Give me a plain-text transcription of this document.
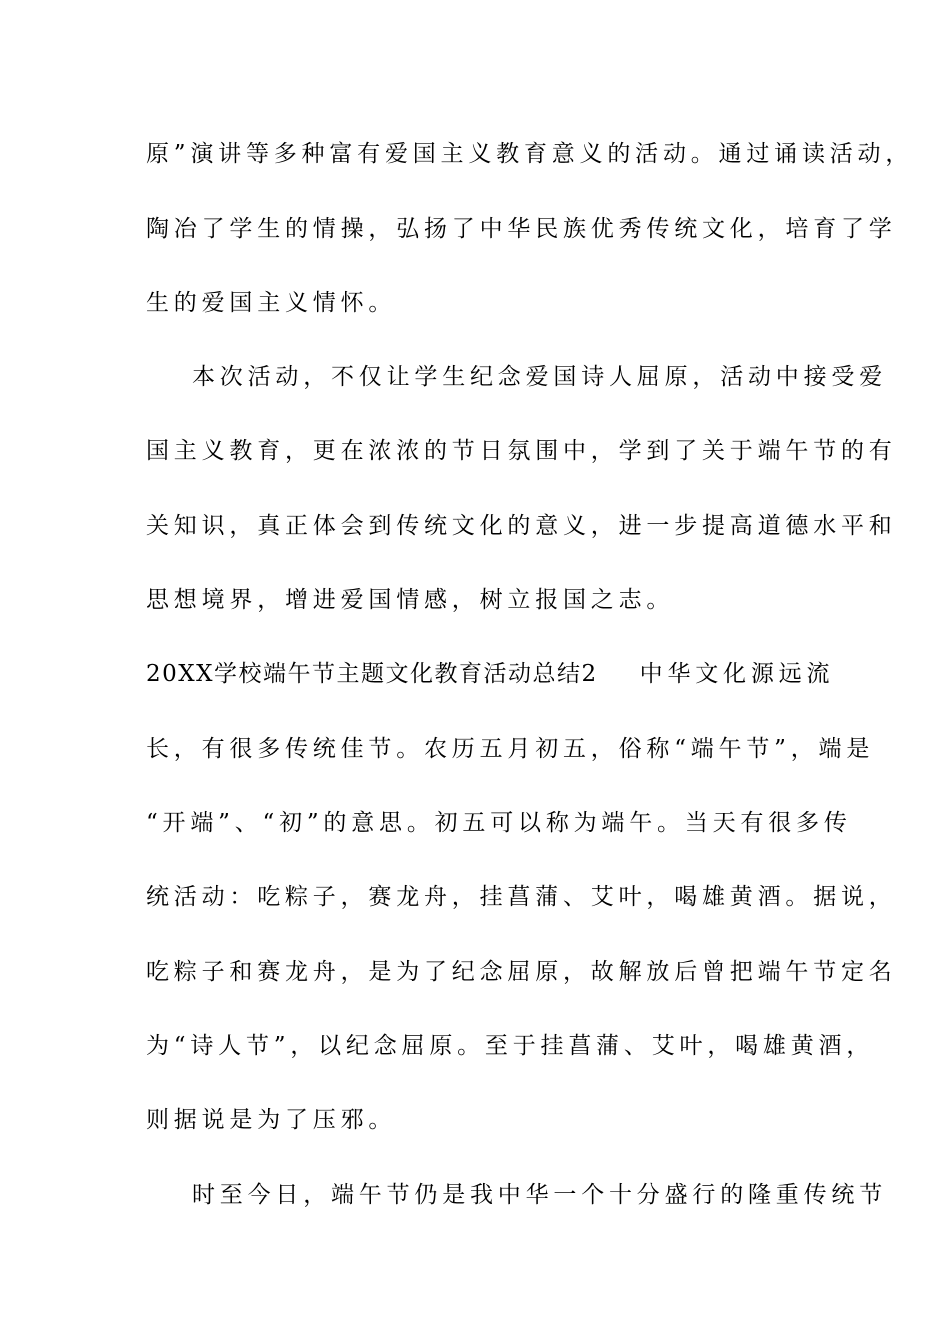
原”演讲等多种富有爱国主义教育意义的活动。通过诵读活动，
陶冶了学生的情操，弘扬了中华民族优秀传统文化，培育了学
生的爱国主义情怀。
本次活动，不仅让学生纪念爱国诗人屈原，活动中接受爱
国主义教育，更在浓浓的节日氛围中，学到了关于端午节的有
关知识，真正体会到传统文化的意义，进一步提高道德水平和
思想境界，增进爱国情感，树立报国之志。
20XX学校端午节主题文化教育活动总结2 中华文化源远流
长，有很多传统佳节。农历五月初五，俗称“端午节”，端是
“开端”、“初”的意思。初五可以称为端午。当天有很多传
统活动：吃粽子，赛龙舟，挂菖蒲、艾叶，喝雄黄酒。据说，
吃粽子和赛龙舟，是为了纪念屈原，故解放后曾把端午节定名
为“诗人节”，以纪念屈原。至于挂菖蒲、艾叶，喝雄黄酒，
则据说是为了压邪。
时至今日，端午节仍是我中华一个十分盛行的隆重传统节
